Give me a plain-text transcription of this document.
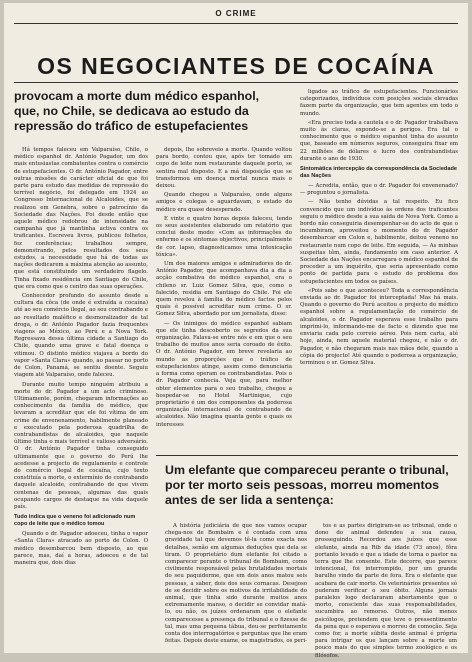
O CRIME
OS NEGOCIANTES DE COCAÍNA
provocam a morte dum médico espanhol, que, no Chile, se dedicava ao estudo da repressão do tráfico de estupefacientes

Há tempos faleceu em Valparaíso, Chile, o médico espanhol dr. António Pagador, um dos mais entusiastas combatentes contra o comércio de estupefacientes. O dr. António Pagador, entre outras missões de carácter oficial de que foi parte para estudo das medidas de repressão do terrível negócio, foi delegado em 1924 ao Congresso Internacional de Alcaloides, que se realizou em Genebra, sobre o patrocínio da Sociedade das Nações. Foi desde então que aquele médico redobrou de intensidade na campanha que já mantinha activa contra os traficantes. Escreveu livros, publicou folhetos, fez conferências; trabalhou sempre, demonstrando, pelos resultados dos seus estudos, a necessidade que há de todas as nações dedicarem a máxima atenção ao assunto, que está constituindo um verdadeiro flagelo. Tinha fixado residência em Santiago do Chile, que era como que o centro das suas operações.

Conhecedor profundo do assunto desde a cultura da côca (de onde é extraída a cocaína) até ao seu comércio ilegal, ao seu contrabando e ao resultado maléfico e desmoralizador de tal droga, o dr. António Pagador fazia frequentes viagens ao México, ao Perú e a Nova York. Regressava dessa última cidade a Santiago do Chile, quando uma grave e fatal doença o vitimou. O distinto médico viajava a bordo do vapor «Santa Clara» quando, ao passar no porto de Colon, Panamá, se sentiu doente. Seguiu viagem até Valparaíso, onde faleceu.

Durante muito tempo ninguém atribuiu a morte do dr. Pagador a um acto criminoso. Ultimamente, porém, chegaram informações ao conhecimento da família do médico, que levaram a acreditar que ele foi vítima de um crime de envenenamento, habilmente planeado e executado pela poderosa quadrilha de contrabandistas de alcaloides, que naquele último tinha o mais terrível e valioso adversário. O dr. António Pagador tinha conseguido ultimamente que o governo do Perú lhe acedesse a projecto de regulamento e controle do comércio ilegal de cocaína, cujo texto constituía a morte, o extermínio do contrabando daquele alcaloide, contrabando de que vivem centenas de pessoas, algumas das quais ocupando cargos de destaque na vida daquele país.

Tudo indica que o veneno foi adicionado num copo de leite que o médico tomou

Quando o dr. Pagador adoeceu, tinha o vapor «Santa Clara» atracado ao porto de Colon. O médico desembarcou bem disposto, ao que parece, mas, daí a horas, adoeceu e de tal maneira que, dois dias

depois, lhe sobreveio a morte. Quando voltou para bordo, contou que, após ter tomado um copo de leite num restaurante daquele porto, se sentira mal disposto. E a má disposição que se transformou em doença mortal nunca mais o deixou.

Quando chegou a Valparaíso, onde alguns amigos e colegas o aguardavam, o estado do médico era quase desesperado.

E vinte e quatro horas depois faleceu, tendo os seus assistentes elaborado um relatório que conclui deste modo: «Com as informações do enfermo e os sintomas objectivos, principalmente de cor. lapso, diagnosticamos uma intoxicação tóxica».

Um dos maiores amigos e admiradores do dr. António Pagador, que acompanhava dia a dia a acção combativa do médico espanhol, era o chileno sr. Luiz Gomez Silva, que, como o falecido, residia em Santiago do Chile. Foi ele quem revelou à família do médico factos pelos quais é possível acreditar num crime. O sr. Gomez Silva, abordado por um jornalista, disse:

— Os inimigos do médico espanhol sabiam que ele tinha descoberto os segredos da sua organização. Falava-se entre nós e em que o seu trabalho de muitos anos seria coroado de êxito. O dr. António Pagador, em breve revelaria ao mundo as proporções que o tráfico de estupefacientes atinge, assim como denunciaria a forma como operam os contrabandistas. Pois o dr. Pagador conhecia. Veja que, para melhor obter elementos para o seu trabalho, chegou a hospedar-se no Hotel Martinique, cujo proprietário é um dos componentes da poderosa organização internacional de contrabando de alcaloides. Não imagina quanta gente e quais os interesses

ligados ao tráfico de estupefacientes. Funcionários categorizados, indivíduos com posições sociais elevadas fazem parte da organização, que tem agentes em todo o mundo.

«Era preciso toda a cautela e o dr. Pagador trabalhava muito às claras, expondo-se a perigos. Era tal o conhecimento que o médico espanhol tinha do assunto que, baseado em números seguros, conseguira fixar em 22 milhões de dólares o lucro dos contrabandistas durante o ano de 1930.

Sintomática intercepção da correspondência da Sociedade das Nações

— Acredita, então, que o dr. Pagador foi envenenado? — preguntou o jornalista.

— Não tenho dúvidas a tal respeito. Eu fico convencido que um indivíduo às ordens dos traficantes seguiu o médico desde a sua saída de Nova York. Como a bordo não conseguiria desempenhar-se do acto de que o incumbiram, aproveitou o momento do dr. Pagador desembarcar em Colon e, habilmente, deitou veneno no restaurante num copo de leite. Em seguida, — As minhas suspeitas têm, ainda, fundamento em caso anterior. A Sociedade das Nações encarregara o médico espanhol de proceder a um inquérito, que seria apresentado como ponto de partida para o estudo do problema dos estupefacientes em todos os países.

«Pois sabe o que aconteceu? Toda a correspondência enviada ao dr. Pagador foi interceptada! Mas há mais. Quando o governo do Perú aceitou o projecto do médico espanhol sobre a regulamentação do comércio de alcaloides, o dr. Pagador esperava esse trabalho para imprimi-lo, informando-me de facto e dizendo que me enviaria cada pelo correio aéreo. Pois nem carta, até hoje, ainda, nem aquele material chegou, e não o dr. Pagador, e não chegaram mais nas mãos dele, quando a cópia do projecto! Até quando o poderosa a organização, terminou o sr. Gomez Silva.

Um elefante que compareceu perante o tribunal, por ter morto seis pessoas, morreu momentos antes de ser lida a sentença:

A história judiciária de que nos vamos ocupar chega-nos de Bombaim e é contada com uma gravidade tal que devemos tê-la como exacta nos detalhes, senão em algumas deduções que dela se tiram. O proprietário dum elefante foi citado a comparecer perante o tribunal de Bombaim, como civilmente responsável pelas brutalidades mortais do seu paquiderme, que em dois anos matou seis pessoas, a saber, dois dos seus cornacas. Desejoso de se decidir sobre os motivos da irritabilidade do animal, que tinha sido durante muitos anos extremamente manso, o decidir se convidar matá-lo, ou não, os juízes ordenaram que o elefante comparecesse a presença do tribunal e o fizesse de tal, mas uma pequena tábua, deu-se perfeitamente conta dos interrogatórios e perguntas que lhe eram feitas. Depois deste exame, os magistrados, os peri-

tos e as partes dirigiram-se ao tribunal, onde o dono do animal defendeu a sua causa, prosseguindo. Recordou aos juízes que esse elefante, ainda na Rib da idade (73 anos), fôra portanto levado e que a idade de torna o pastor na terra que lhe consente. Este decorre, que parece intencional, foi interrompido, por um grande barulho vindo da parte de fora. Era o elefante que acabara de cair morto. Os veterinários presentes só puderam verificar o seu óbito. Alguns jornais paralelos logo declararam abertamente que o morto, consciente das suas responsabilidades, sucumbira ao remorso. Outros, não menos psicólogos, pretendem que teve o pressentimento da pena que o esperava e morreu de comoção. Seja como for, a morte súbita deste animal é própria para intrigar os que lançam sobre a morte um pouco mais do que simples termo zoológico e os filósofos.
